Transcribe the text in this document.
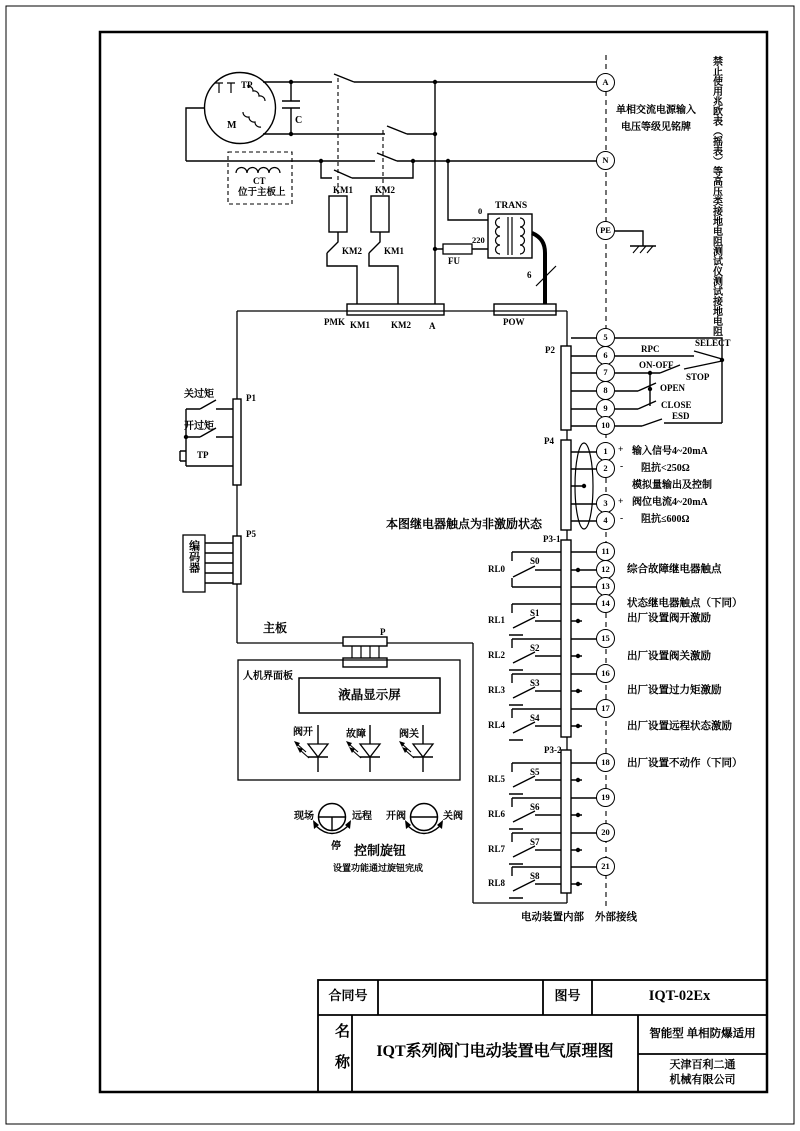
TP
M	C
CT
位于主板上	KM1 KM2
KM2 KM1
FU
220
0 TRANS
6
PMK KM1 KM2 A	POW
A
N
PE
单相交流电源输入
电压等级见铭牌	禁止使用兆欧表（摇表）等高压类接地电阻测试仪测试接地电阻
本图继电器触点为非激励状态
电动装置内部 外部接线
P2	RPC
SELECT
ON-OFF
STOP
OPEN
CLOSE
ESD
P4
+
-
+
-
输入信号4~20mA
阻抗<250Ω
模拟量输出及控制
阀位电流4~20mA
阻抗≤600Ω
P3-1
P3-2
关过矩
开过矩
TP
P1
P5
编码器
主板	P
人机界面板
液晶显示屏
阀开	故障	阀关
现场	远程
停
开阀	关阀
控制旋钮
设置功能通过旋钮完成
5
6
7
8
9
10
1
2
3
4
11
12
13
14
15
16
17
18
19
20
21
RL0
S0
RL1
S1
RL2
S2
RL3
S3
RL4
S4
RL5
S5
RL6
S6
RL7
S7
RL8
S8
综合故障继电器触点
状态继电器触点（下同）
出厂设置阀开激励
出厂设置阀关激励
出厂设置过力矩激励
出厂设置远程状态激励
出厂设置不动作（下同）
合同号	图号	IQT-02Ex
名称	IQT系列阀门电动装置电气原理图
智能型 单相防爆适用
天津百利二通
机械有限公司
